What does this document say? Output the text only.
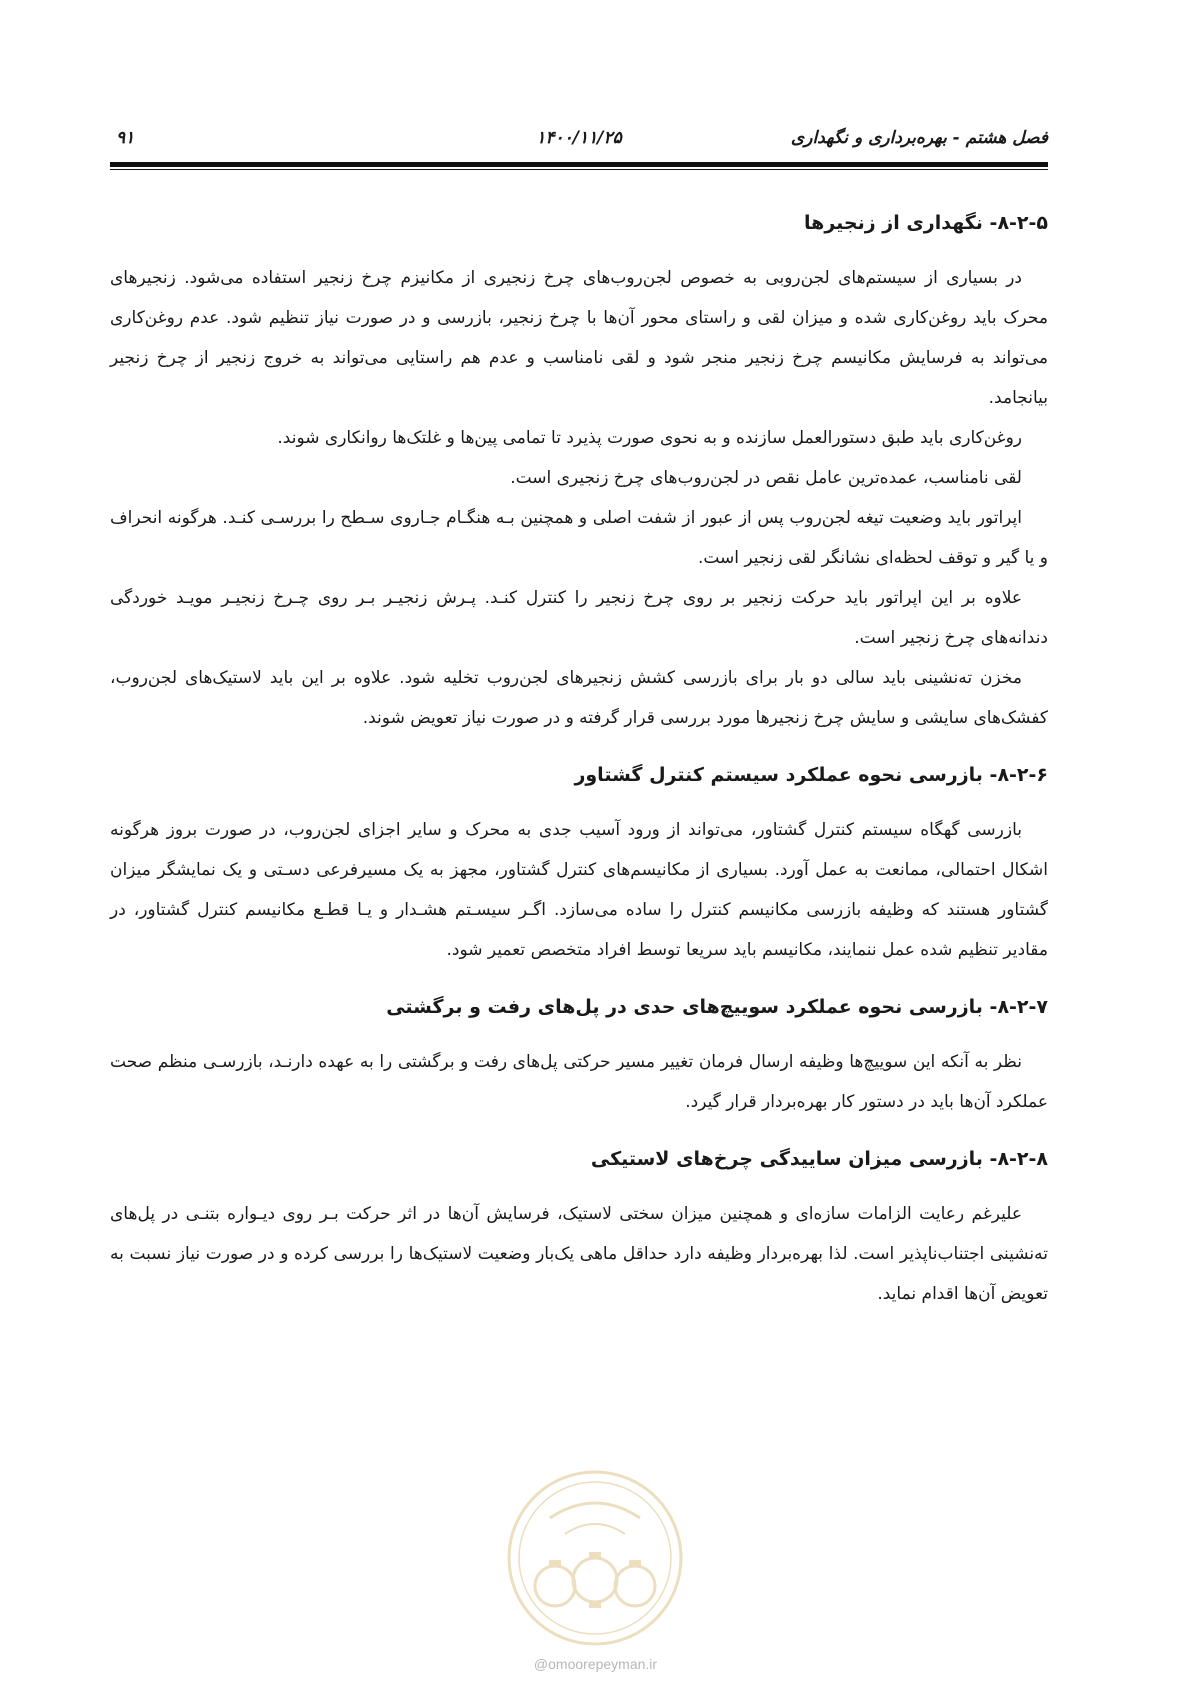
فصل هشتم - بهره‌برداری و نگهداری
۱۴۰۰/۱۱/۲۵
۹۱
۸-۲-۵- نگهداری از زنجیرها

در بسیاری از سیستم‌های لجن‌روبی به خصوص لجن‌روب‌های چرخ زنجیری از مکانیزم چرخ زنجیر استفاده می‌شود. زنجیرهای محرک باید روغن‌کاری شده و میزان لقی و راستای محور آن‌ها با چرخ زنجیر، بازرسی و در صورت نیاز تنظیم شود. عدم روغن‌کاری می‌تواند به فرسایش مکانیسم چرخ زنجیر منجر شود و لقی نامناسب و عدم هم راستایی می‌تواند به خروج زنجیر از چرخ زنجیر بیانجامد.

روغن‌کاری باید طبق دستورالعمل سازنده و به نحوی صورت پذیرد تا تمامی پین‌ها و غلتک‌ها روانکاری شوند.

لقی نامناسب، عمده‌ترین عامل نقص در لجن‌روب‌های چرخ زنجیری است.

اپراتور باید وضعیت تیغه لجن‌روب پس از عبور از شفت اصلی و همچنین بـه هنگـام جـاروی سـطح را بررسـی کنـد. هرگونه انحراف و یا گیر و توقف لحظه‌ای نشانگر لقی زنجیر است.

علاوه بر این اپراتور باید حرکت زنجیر بر روی چرخ زنجیر را کنترل کنـد. پـرش زنجیـر بـر روی چـرخ زنجیـر مویـد خوردگی دندانه‌های چرخ زنجیر است.

مخزن ته‌نشینی باید سالی دو بار برای بازرسی کشش زنجیرهای لجن‌روب تخلیه شود. علاوه بر این باید لاستیک‌های لجن‌روب، کفشک‌های سایشی و سایش چرخ زنجیرها مورد بررسی قرار گرفته و در صورت نیاز تعویض شوند.

۸-۲-۶- بازرسی نحوه عملکرد سیستم کنترل گشتاور

بازرسی گهگاه سیستم کنترل گشتاور، می‌تواند از ورود آسیب جدی به محرک و سایر اجزای لجن‌روب، در صورت بروز هرگونه اشکال احتمالی، ممانعت به عمل آورد. بسیاری از مکانیسم‌های کنترل گشتاور، مجهز به یک مسیرفرعی دسـتی و یک نمایشگر میزان گشتاور هستند که وظیفه بازرسی مکانیسم کنترل را ساده می‌سازد. اگـر سیسـتم هشـدار و یـا قطـع مکانیسم کنترل گشتاور، در مقادیر تنظیم شده عمل ننمایند، مکانیسم باید سریعا توسط افراد متخصص تعمیر شود.

۸-۲-۷- بازرسی نحوه عملکرد سوییچ‌های حدی در پل‌های رفت و برگشتی

نظر به آنکه این سوییچ‌ها وظیفه ارسال فرمان تغییر مسیر حرکتی پل‌های رفت و برگشتی را به عهده دارنـد، بازرسـی منظم صحت عملکرد آن‌ها باید در دستور کار بهره‌بردار قرار گیرد.

۸-۲-۸- بازرسی میزان ساییدگی چرخ‌های لاستیکی

علیرغم رعایت الزامات سازه‌ای و همچنین میزان سختی لاستیک، فرسایش آن‌ها در اثر حرکت بـر روی دیـواره بتنـی در پل‌های ته‌نشینی اجتناب‌ناپذیر است. لذا بهره‌بردار وظیفه دارد حداقل ماهی یک‌بار وضعیت لاستیک‌ها را بررسی کرده و در صورت نیاز نسبت به تعویض آن‌ها اقدام نماید.

@omoorepeyman.ir
